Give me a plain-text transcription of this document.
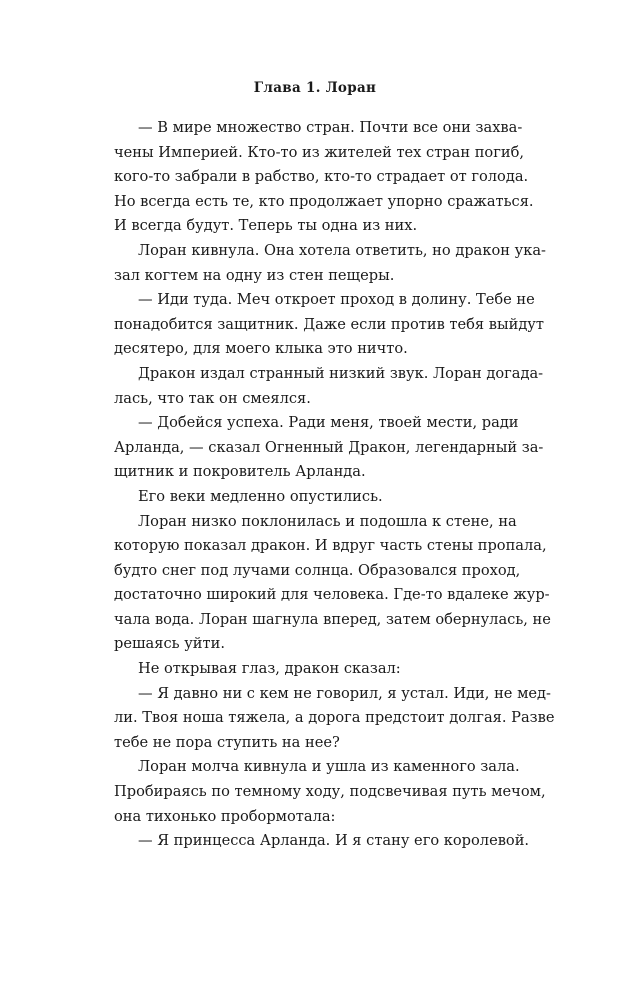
Глава 1. Лоран
— В мире множество стран. Почти все они захва-
чены Империей. Кто-то из жителей тех стран погиб,
кого-то забрали в рабство, кто-то страдает от голода.
Но всегда есть те, кто продолжает упорно сражаться.
И всегда будут. Теперь ты одна из них.
Лоран кивнула. Она хотела ответить, но дракон ука-
зал когтем на одну из стен пещеры.
— Иди туда. Меч откроет проход в долину. Тебе не
понадобится защитник. Даже если против тебя выйдут
десятеро, для моего клыка это ничто.
Дракон издал странный низкий звук. Лоран догада-
лась, что так он смеялся.
— Добейся успеха. Ради меня, твоей мести, ради
Арланда, — сказал Огненный Дракон, легендарный за-
щитник и покровитель Арланда.
Его веки медленно опустились.
Лоран низко поклонилась и подошла к стене, на
которую показал дракон. И вдруг часть стены пропала,
будто снег под лучами солнца. Образовался проход,
достаточно широкий для человека. Где-то вдалеке жур-
чала вода. Лоран шагнула вперед, затем обернулась, не
решаясь уйти.
Не открывая глаз, дракон сказал:
— Я давно ни с кем не говорил, я устал. Иди, не мед-
ли. Твоя ноша тяжела, а дорога предстоит долгая. Разве
тебе не пора ступить на нее?
Лоран молча кивнула и ушла из каменного зала.
Пробираясь по темному ходу, подсвечивая путь мечом,
она тихонько пробормотала:
— Я принцесса Арланда. И я стану его королевой.
